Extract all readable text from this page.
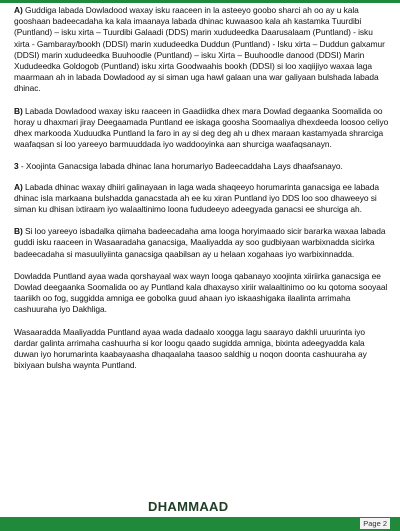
A) Guddiga labada Dowladood waxay isku raaceen in la asteeyo goobo sharci ah oo ay u kala gooshaan badeecadaha ka kala imaanaya labada dhinac kuwaasoo kala ah kastamka Tuurdibi (Puntland) – isku xirta – Tuurdibi Galaadi (DDS) marin xududeedka Daarusalaam (Puntland) - isku xirta - Gambaray/bookh (DDSI) marin xududeedka Duddun (Puntland) - Isku xirta – Duddun galxamur (DDSI) marin xududeedka Buuhoodle (Puntland) – isku Xirta – Buuhoodle danood (DDSI) Marin Xududeedka Goldogob (Puntland) isku xirta Goodwaahis bookh (DDSI) si loo xaqiijiyo waxaa laga maarmaan ah in labada Dowladood ay si siman uga hawl galaan una war galiyaan bulshada labada dhinac.

B) Labada Dowladood waxay isku raaceen in Gaadiidka dhex mara Dowlad degaanka Soomalida oo horay u dhaxmari jiray Deegaamada Puntland ee iskaga goosha Soomaaliya dhexdeeda loosoo celiyo dhex markooda Xuduudka Puntland la faro in ay si deg deg ah u dhex maraan kastamyada shrarciga waafaqsan si loo yareeyo barmuuddada iyo waddooyinka aan shurciga waafaqsanayn.

3 - Xoojinta Ganacsiga labada dhinac lana horumariyo Badeecaddaha Lays dhaafsanayo.

A) Labada dhinac waxay dhiiri galinayaan in laga wada shaqeeyo horumarinta ganacsiga ee labada dhinac isla markaana bulshadda ganacstada ah ee ku xiran Puntland iyo DDS loo soo dhaweeyo si siman ku dhisan ixtiraam iyo walaaltinimo loona fududeeyo adeegyada ganacsi ee shurciga ah.

B) Si loo yareeyo isbadalka qiimaha badeecadaha ama looga horyimaado sicir bararka waxaa labada guddi isku raaceen in Wasaaradaha ganacsiga, Maaliyadda ay soo gudbiyaan warbixnadda sicirka badeecadaha si masuuliyiinta ganacsiga qaabilsan ay u helaan xogahaas iyo warbixinnadda.

Dowladda Puntland ayaa wada qorshayaal wax wayn looga qabanayo xoojinta xiiriirka ganacsiga ee Dowlad deegaanka Soomalida oo ay Puntland kala dhaxayso xiriir walaaltinimo oo ku qotoma sooyaal taariikh oo fog, suggidda amniga ee gobolka guud ahaan iyo iskaashigaka ilaalinta arrimaha cashuuraha iyo Dakhliga.

Wasaaradda Maaliyadda Puntland ayaa wada dadaalo xoogga lagu saarayo dakhli uruurinta iyo dardar galinta arrimaha cashuurha si kor loogu qaado sugidda amniga, bixinta adeegyadda kala duwan iyo horumarinta kaabayaasha dhaqaalaha taasoo saldhig u noqon doonta cashuuraha ay bixiyaan bulsha waynta Puntland.

DHAMMAAD
Page 2
